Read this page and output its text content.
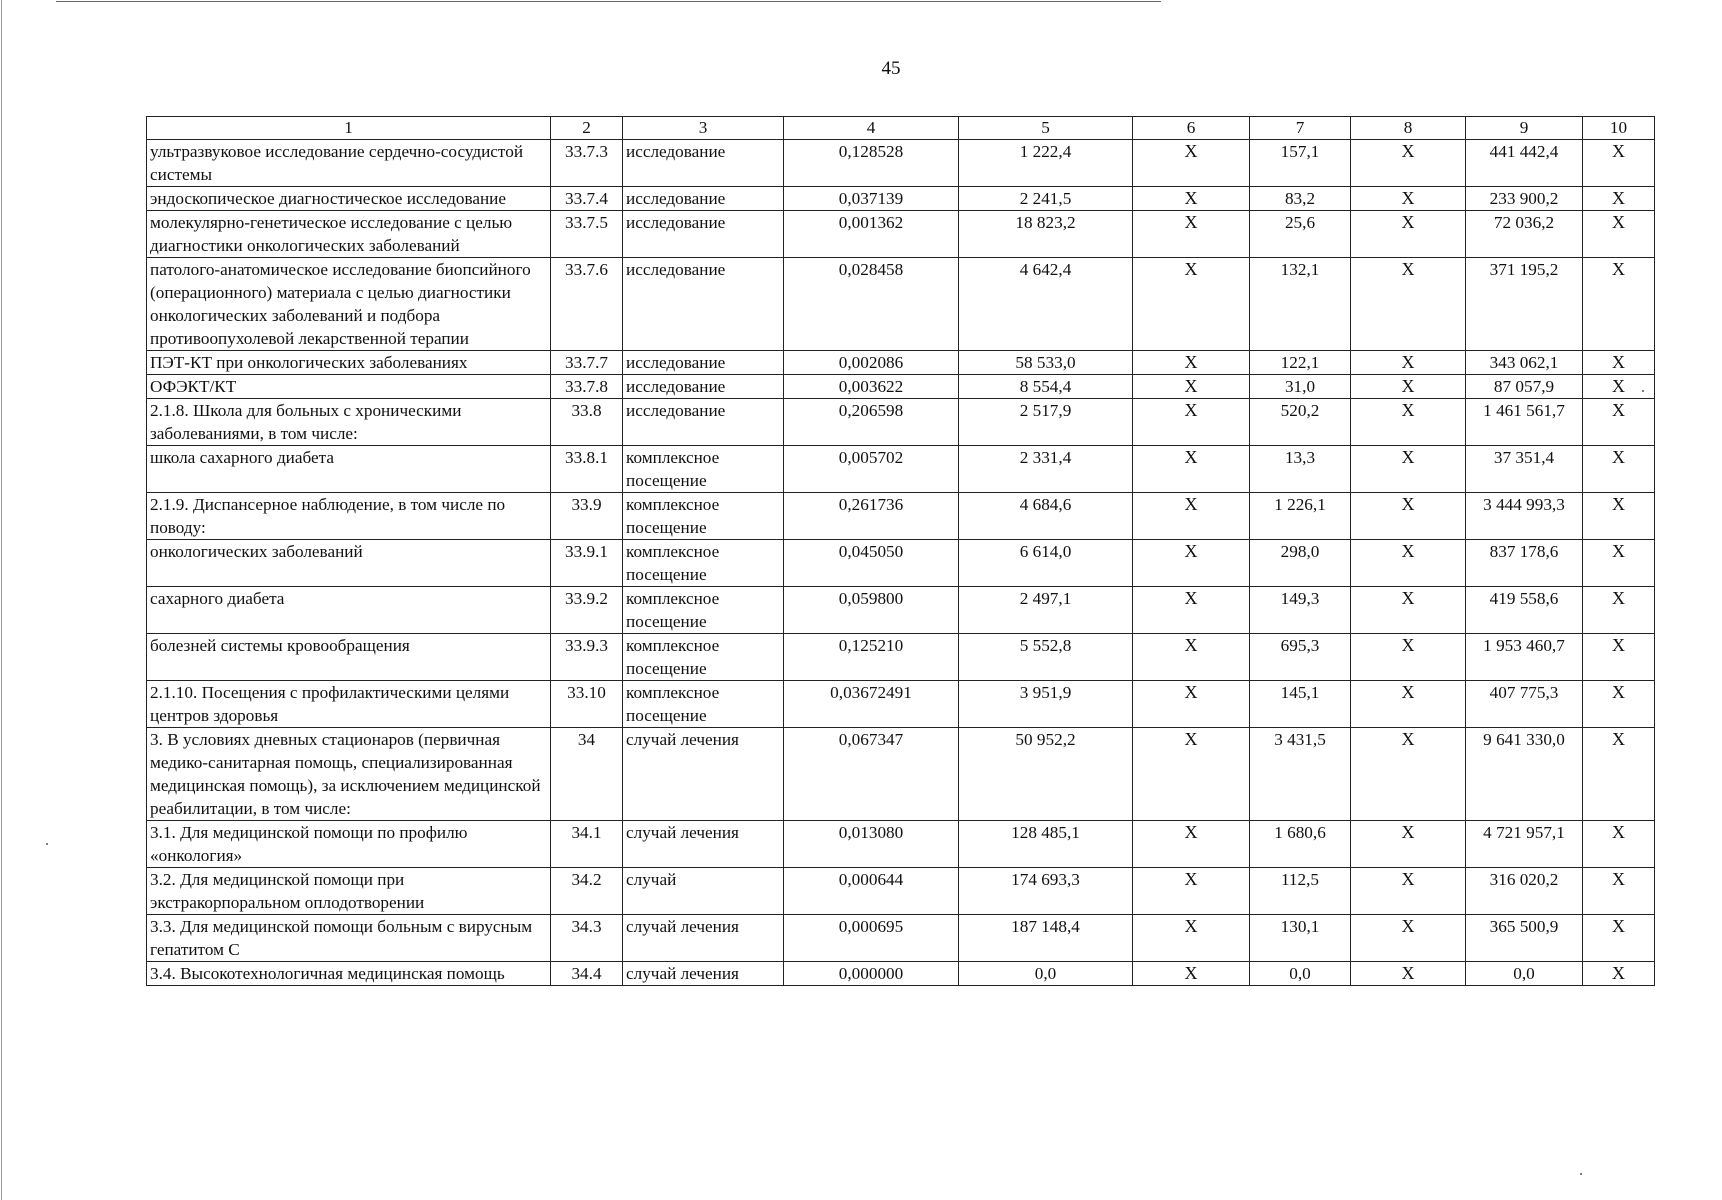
45
1	2	3	4	5	6	7	8	9	10
ультразвуковое исследование сердечно-сосудистой системы	33.7.3	исследование	0,128528	1 222,4	X	157,1	X	441 442,4	X
эндоскопическое диагностическое исследование	33.7.4	исследование	0,037139	2 241,5	X	83,2	X	233 900,2	X
молекулярно-генетическое исследование с целью диагностики онкологических заболеваний	33.7.5	исследование	0,001362	18 823,2	X	25,6	X	72 036,2	X
патолого-анатомическое исследование биопсийного (операционного) материала с целью диагностики онкологических заболеваний и подбора противоопухолевой лекарственной терапии	33.7.6	исследование	0,028458	4 642,4	X	132,1	X	371 195,2	X
ПЭТ-КТ при онкологических заболеваниях	33.7.7	исследование	0,002086	58 533,0	X	122,1	X	343 062,1	X
ОФЭКТ/КТ	33.7.8	исследование	0,003622	8 554,4	X	31,0	X	87 057,9	X
2.1.8. Школа для больных с хроническими заболеваниями, в том числе:	33.8	исследование	0,206598	2 517,9	X	520,2	X	1 461 561,7	X
школа сахарного диабета	33.8.1	комплексное посещение	0,005702	2 331,4	X	13,3	X	37 351,4	X
2.1.9. Диспансерное наблюдение, в том числе по поводу:	33.9	комплексное посещение	0,261736	4 684,6	X	1 226,1	X	3 444 993,3	X
онкологических заболеваний	33.9.1	комплексное посещение	0,045050	6 614,0	X	298,0	X	837 178,6	X
сахарного диабета	33.9.2	комплексное посещение	0,059800	2 497,1	X	149,3	X	419 558,6	X
болезней системы кровообращения	33.9.3	комплексное посещение	0,125210	5 552,8	X	695,3	X	1 953 460,7	X
2.1.10. Посещения с профилактическими целями центров здоровья	33.10	комплексное посещение	0,03672491	3 951,9	X	145,1	X	407 775,3	X
3. В условиях дневных стационаров (первичная медико-санитарная помощь, специализированная медицинская помощь), за исключением медицинской реабилитации, в том числе:	34	случай лечения	0,067347	50 952,2	X	3 431,5	X	9 641 330,0	X
3.1. Для медицинской помощи по профилю «онкология»	34.1	случай лечения	0,013080	128 485,1	X	1 680,6	X	4 721 957,1	X
3.2. Для медицинской помощи при экстракорпоральном оплодотворении	34.2	случай	0,000644	174 693,3	X	112,5	X	316 020,2	X
3.3. Для медицинской помощи больным с вирусным гепатитом С	34.3	случай лечения	0,000695	187 148,4	X	130,1	X	365 500,9	X
3.4. Высокотехнологичная медицинская помощь	34.4	случай лечения	0,000000	0,0	X	0,0	X	0,0	X
